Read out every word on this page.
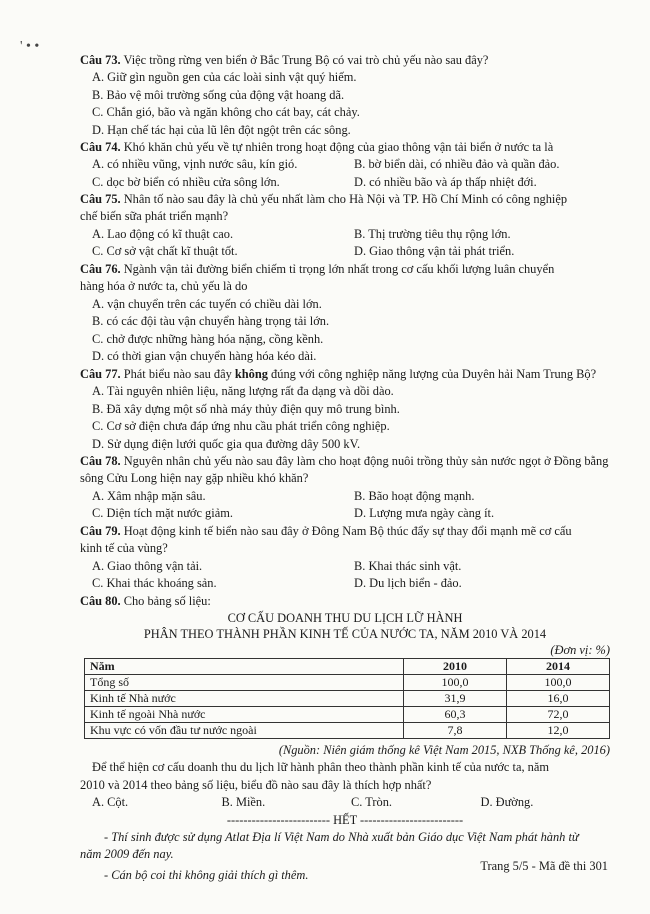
' • •
Câu 73. Việc trồng rừng ven biển ở Bắc Trung Bộ có vai trò chủ yếu nào sau đây?
A. Giữ gìn nguồn gen của các loài sinh vật quý hiếm.
B. Bảo vệ môi trường sống của động vật hoang dã.
C. Chắn gió, bão và ngăn không cho cát bay, cát chảy.
D. Hạn chế tác hại của lũ lên đột ngột trên các sông.
Câu 74. Khó khăn chủ yếu về tự nhiên trong hoạt động của giao thông vận tải biển ở nước ta là
A. có nhiều vũng, vịnh nước sâu, kín gió.	B. bờ biển dài, có nhiều đảo và quần đảo.
C. dọc bờ biển có nhiều cửa sông lớn.	D. có nhiều bão và áp thấp nhiệt đới.
Câu 75. Nhân tố nào sau đây là chủ yếu nhất làm cho Hà Nội và TP. Hồ Chí Minh có công nghiệp
chế biến sữa phát triển mạnh?
A. Lao động có kĩ thuật cao.	B. Thị trường tiêu thụ rộng lớn.
C. Cơ sở vật chất kĩ thuật tốt.	D. Giao thông vận tải phát triển.
Câu 76. Ngành vận tải đường biển chiếm tỉ trọng lớn nhất trong cơ cấu khối lượng luân chuyển
hàng hóa ở nước ta, chủ yếu là do
A. vận chuyển trên các tuyến có chiều dài lớn.
B. có các đội tàu vận chuyển hàng trọng tải lớn.
C. chở được những hàng hóa nặng, cồng kềnh.
D. có thời gian vận chuyển hàng hóa kéo dài.
Câu 77. Phát biểu nào sau đây không đúng với công nghiệp năng lượng của Duyên hải Nam Trung Bộ?
A. Tài nguyên nhiên liệu, năng lượng rất đa dạng và dồi dào.
B. Đã xây dựng một số nhà máy thủy điện quy mô trung bình.
C. Cơ sở điện chưa đáp ứng nhu cầu phát triển công nghiệp.
D. Sử dụng điện lưới quốc gia qua đường dây 500 kV.
Câu 78. Nguyên nhân chủ yếu nào sau đây làm cho hoạt động nuôi trồng thủy sản nước ngọt ở Đồng bằng
sông Cửu Long hiện nay gặp nhiều khó khăn?
A. Xâm nhập mặn sâu.	B. Bão hoạt động mạnh.
C. Diện tích mặt nước giảm.	D. Lượng mưa ngày càng ít.
Câu 79. Hoạt động kinh tế biển nào sau đây ở Đông Nam Bộ thúc đẩy sự thay đổi mạnh mẽ cơ cấu
kinh tế của vùng?
A. Giao thông vận tải.	B. Khai thác sinh vật.
C. Khai thác khoáng sản.	D. Du lịch biển - đảo.
Câu 80. Cho bảng số liệu:
CƠ CẤU DOANH THU DU LỊCH LỮ HÀNH
PHÂN THEO THÀNH PHẦN KINH TẾ CỦA NƯỚC TA, NĂM 2010 VÀ 2014
(Đơn vị: %)
Năm	2010	2014
Tổng số	100,0	100,0
Kinh tế Nhà nước	31,9	16,0
Kinh tế ngoài Nhà nước	60,3	72,0
Khu vực có vốn đầu tư nước ngoài	7,8	12,0
(Nguồn: Niên giám thống kê Việt Nam 2015, NXB Thống kê, 2016)
Để thể hiện cơ cấu doanh thu du lịch lữ hành phân theo thành phần kinh tế của nước ta, năm
2010 và 2014 theo bảng số liệu, biểu đồ nào sau đây là thích hợp nhất?
A. Cột.	B. Miền.	C. Tròn.	D. Đường.
------------------------- HẾT -------------------------
- Thí sinh được sử dụng Atlat Địa lí Việt Nam do Nhà xuất bản Giáo dục Việt Nam phát hành từ
năm 2009 đến nay.
- Cán bộ coi thi không giải thích gì thêm.
Trang 5/5 - Mã đề thi 301
